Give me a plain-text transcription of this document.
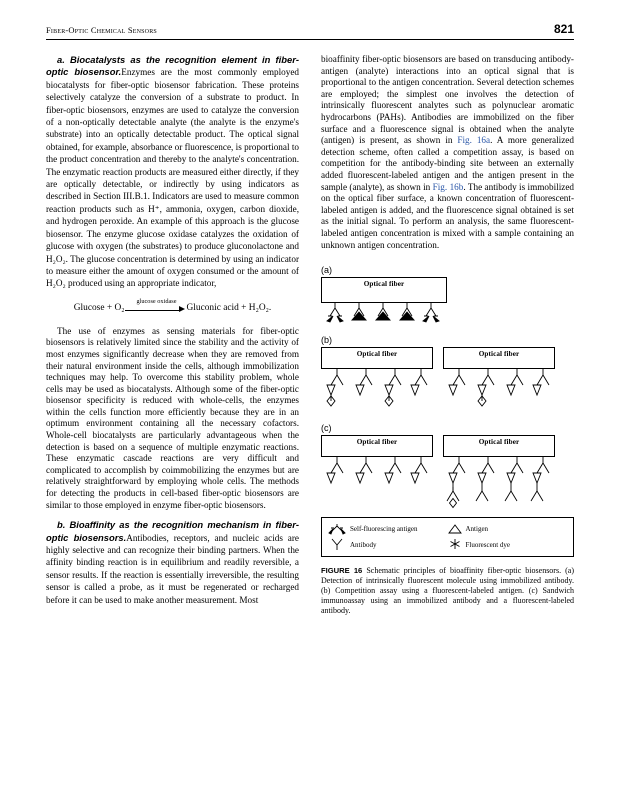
Fiber-Optic Chemical Sensors	821

a. Biocatalysts as the recognition element in fiber-optic biosensor.Enzymes are the most commonly employed biocatalysts for fiber-optic biosensor fabrication. These proteins selectively catalyze the conversion of a substrate to product. In fiber-optic biosensors, enzymes are used to catalyze the conversion of a non-optically detectable analyte (the analyte is the enzyme's substrate) into an optically detectable product. The optical signal obtained, for example, absorbance or fluorescence, is proportional to the product concentration and thereby to the analyte's concentration. The enzymatic reaction products are measured either directly, if they are optically detectable, or indirectly by using indicators as described in Section III.B.1. Indicators are used to measure common reaction products such as H⁺, ammonia, oxygen, carbon dioxide, and hydrogen peroxide. An example of this approach is the glucose biosensor. The enzyme glucose oxidase catalyzes the oxidation of glucose with oxygen (the substrates) to produce gluconolactone and H₂O₂. The glucose concentration is determined by using an indicator to measure either the amount of oxygen consumed or the amount of H₂O₂ produced using an appropriate indicator,

Glucose + O₂
glucose oxidase
Gluconic acid + H₂O₂.

The use of enzymes as sensing materials for fiber-optic biosensors is relatively limited since the stability and the activity of most enzymes significantly decrease when they are removed from their natural environment inside the cells, although immobilization techniques may help. To overcome this stability problem, whole cells may be used as biocatalysts. Although some of the fiber-optic biosensor specificity is reduced with whole-cells, the enzymes within the cells function more efficiently because they are in an optimum environment containing all the necessary cofactors. Whole-cell biocatalysts are particularly advantageous when the detection is based on a sequence of multiple enzymatic reactions. These enzymatic cascade reactions are very difficult and complicated to accomplish by coimmobilizing the enzymes but are relatively straightforward by employing whole cells. The methods for detecting the products in cell-based fiber-optic biosensors are similar to those employed in enzyme fiber-optic biosensors.

b. Bioaffinity as the recognition mechanism in fiber-optic biosensors.Antibodies, receptors, and nucleic acids are highly selective and can recognize their binding partners. When the affinity binding reaction is in equilibrium and readily reversible, a sensor results. If the reaction is essentially irreversible, the resulting sensor is called a probe, as it must be regenerated or recharged before it can be used to make another measurement. Most

bioaffinity fiber-optic biosensors are based on transducing antibody-antigen (analyte) interactions into an optical signal that is proportional to the antigen concentration. Several detection schemes are employed; the simplest one involves the detection of intrinsically fluorescent analytes such as polynuclear aromatic hydrocarbons (PAHs). Antibodies are immobilized on the fiber surface and a fluorescence signal is obtained when the analyte (antigen) is present, as shown in Fig. 16a. A more generalized detection scheme, often called a competition assay, is based on competition for the antibody-binding site between an externally added fluorescent-labeled antigen and the antigen present in the sample (analyte), as shown in Fig. 16b. The antibody is immobilized on the optical fiber surface, a known concentration of fluorescent-labeled antigen is added, and the fluorescence signal obtained is set as the initial signal. To perform an analysis, the same fluorescent-labeled antigen concentration is mixed with a sample containing an unknown antigen concentration.

(a)
Optical fiber
(b)
Optical fiber	Optical fiber
(c)
Optical fiber	Optical fiber
Self-fluorescing antigen	Antigen
Antibody	Fluorescent dye
FIGURE 16 Schematic principles of bioaffinity fiber-optic biosensors. (a) Detection of intrinsically fluorescent molecule using immobilized antibody. (b) Competition assay using a fluorescent-labeled antigen. (c) Sandwich immunoassay using an immobilized antibody and a fluorescent-labeled antibody.
